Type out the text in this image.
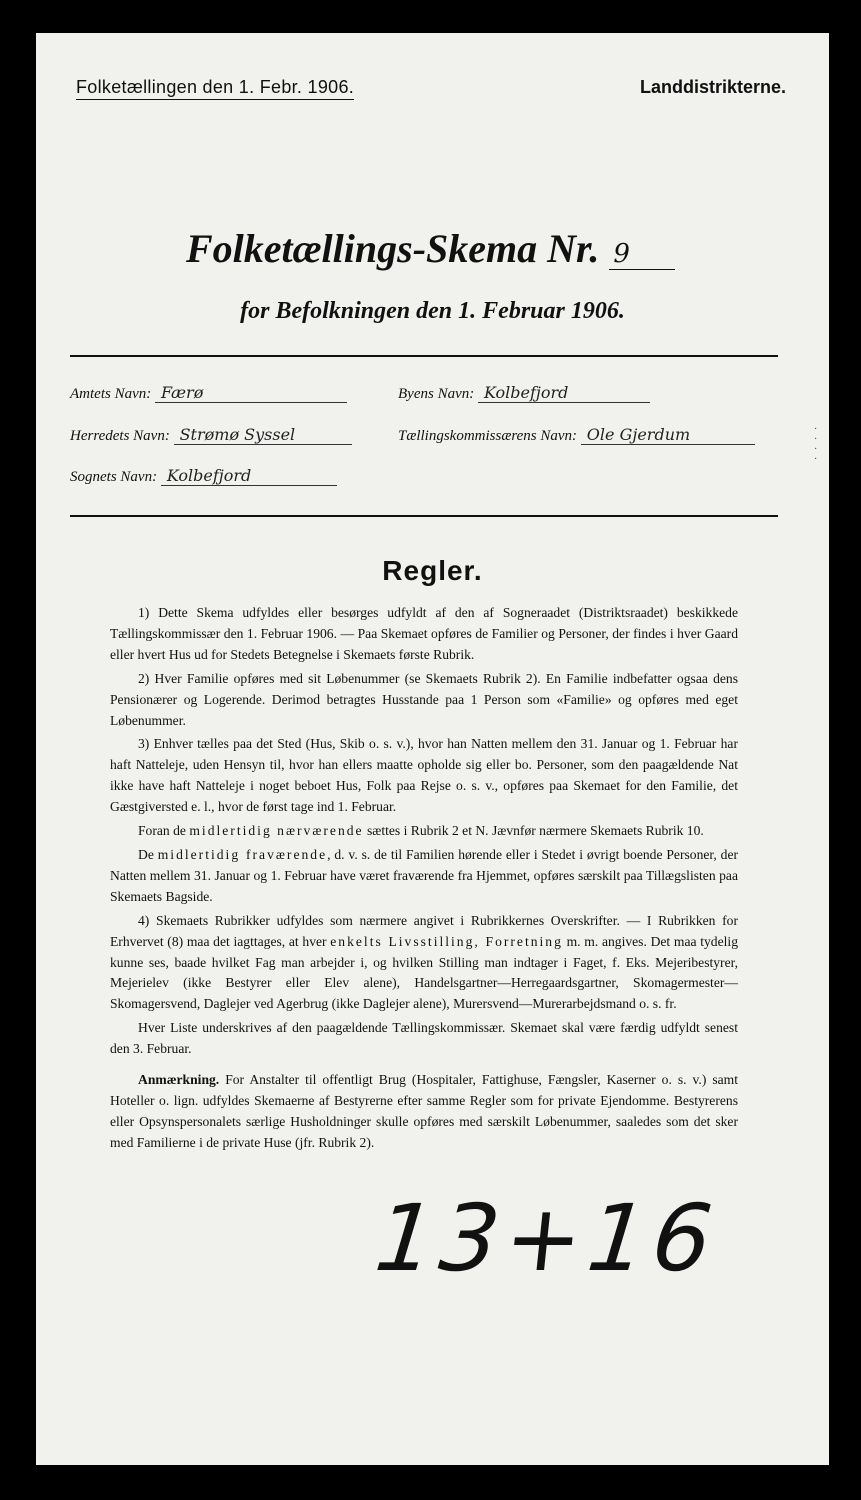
Folketællingen den 1. Febr. 1906.	Landdistrikterne.
Folketællings-Skema Nr. 9
for Befolkningen den 1. Februar 1906.
Amtets Navn: Færø	Byens Navn: Kolbefjord
Herredets Navn: Strømø Syssel	Tællingskommissærens Navn: Ole Gjerdum
Sognets Navn: Kolbefjord
·
·
·
·
Regler.

1) Dette Skema udfyldes eller besørges udfyldt af den af Sogneraadet (Distriktsraadet) beskikkede Tællingskommissær den 1. Februar 1906. — Paa Skemaet opføres de Familier og Personer, der findes i hver Gaard eller hvert Hus ud for Stedets Betegnelse i Skemaets første Rubrik.

2) Hver Familie opføres med sit Løbenummer (se Skemaets Rubrik 2). En Familie indbefatter ogsaa dens Pensionærer og Logerende. Derimod betragtes Husstande paa 1 Person som «Familie» og opføres med eget Løbenummer.

3) Enhver tælles paa det Sted (Hus, Skib o. s. v.), hvor han Natten mellem den 31. Januar og 1. Februar har haft Natteleje, uden Hensyn til, hvor han ellers maatte opholde sig eller bo. Personer, som den paagældende Nat ikke have haft Natteleje i noget beboet Hus, Folk paa Rejse o. s. v., opføres paa Skemaet for den Familie, det Gæstgiversted e. l., hvor de først tage ind 1. Februar.

Foran de midlertidig nærværende sættes i Rubrik 2 et N. Jævnfør nærmere Skemaets Rubrik 10.

De midlertidig fraværende, d. v. s. de til Familien hørende eller i Stedet i øvrigt boende Personer, der Natten mellem 31. Januar og 1. Februar have været fraværende fra Hjemmet, opføres særskilt paa Tillægslisten paa Skemaets Bagside.

4) Skemaets Rubrikker udfyldes som nærmere angivet i Rubrikkernes Overskrifter. — I Rubrikken for Erhvervet (8) maa det iagttages, at hver enkelts Livsstilling, Forretning m. m. angives. Det maa tydelig kunne ses, baade hvilket Fag man arbejder i, og hvilken Stilling man indtager i Faget, f. Eks. Mejeribestyrer, Mejerielev (ikke Bestyrer eller Elev alene), Handelsgartner—Herregaardsgartner, Skomagermester—Skomagersvend, Daglejer ved Agerbrug (ikke Daglejer alene), Murersvend—Murerarbejdsmand o. s. fr.

Hver Liste underskrives af den paagældende Tællingskommissær. Skemaet skal være færdig udfyldt senest den 3. Februar.

Anmærkning. For Anstalter til offentligt Brug (Hospitaler, Fattighuse, Fængsler, Kaserner o. s. v.) samt Hoteller o. lign. udfyldes Skemaerne af Bestyrerne efter samme Regler som for private Ejendomme. Bestyrerens eller Opsynspersonalets særlige Husholdninger skulle opføres med særskilt Løbenummer, saaledes som det sker med Familierne i de private Huse (jfr. Rubrik 2).

13+16
